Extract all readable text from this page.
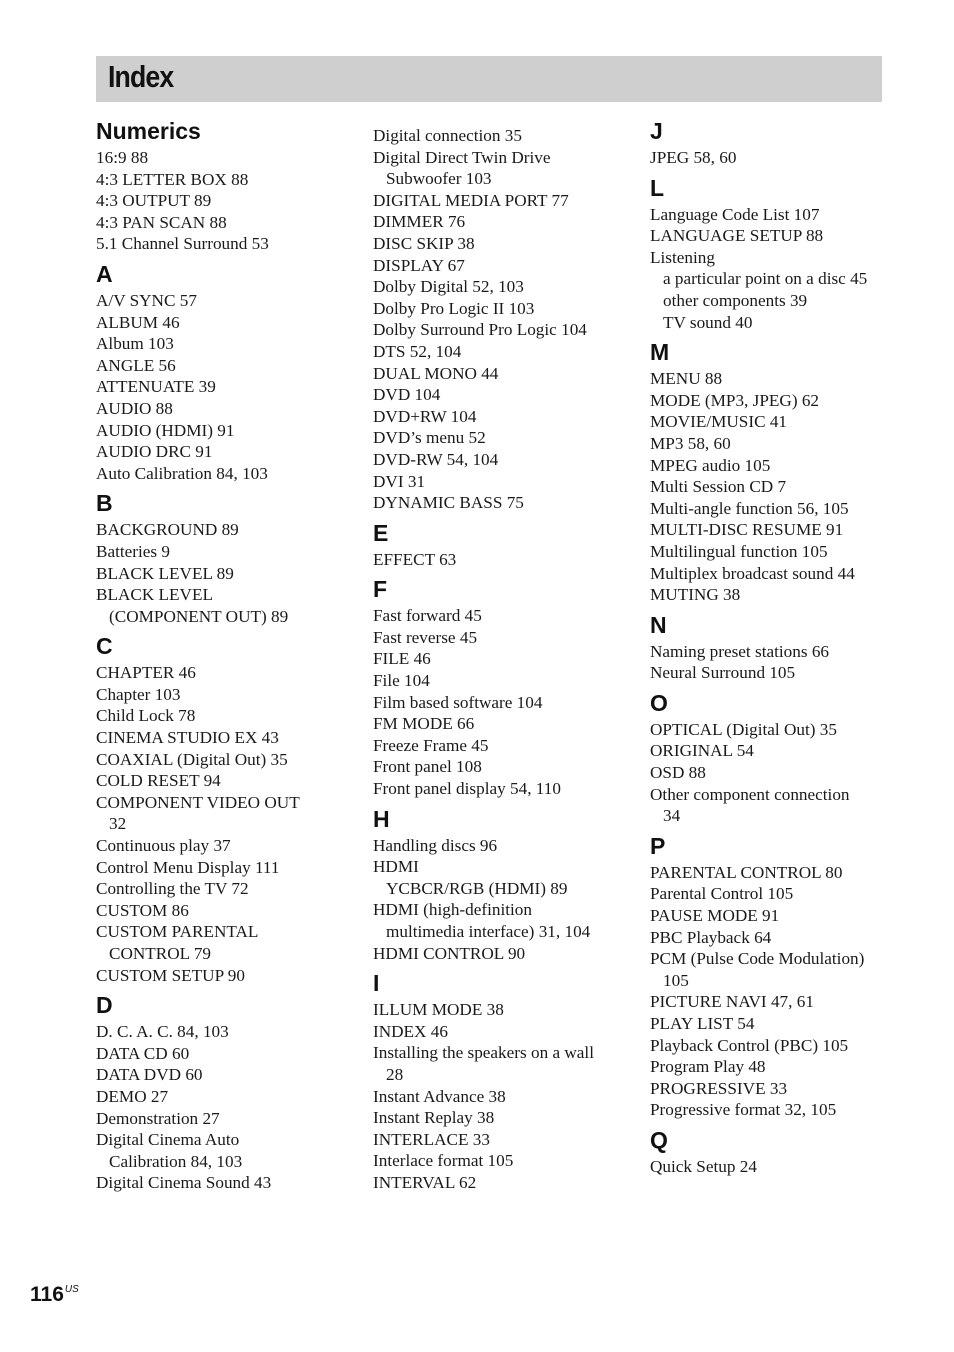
Index
Numerics
16:9 88
4:3 LETTER BOX 88
4:3 OUTPUT 89
4:3 PAN SCAN 88
5.1 Channel Surround 53
A
A/V SYNC 57
ALBUM 46
Album 103
ANGLE 56
ATTENUATE 39
AUDIO 88
AUDIO (HDMI) 91
AUDIO DRC 91
Auto Calibration 84, 103
B
BACKGROUND 89
Batteries 9
BLACK LEVEL 89
BLACK LEVEL
(COMPONENT OUT) 89
C
CHAPTER 46
Chapter 103
Child Lock 78
CINEMA STUDIO EX 43
COAXIAL (Digital Out) 35
COLD RESET 94
COMPONENT VIDEO OUT
32
Continuous play 37
Control Menu Display 111
Controlling the TV 72
CUSTOM 86
CUSTOM PARENTAL
CONTROL 79
CUSTOM SETUP 90
D
D. C. A. C. 84, 103
DATA CD 60
DATA DVD 60
DEMO 27
Demonstration 27
Digital Cinema Auto
Calibration 84, 103
Digital Cinema Sound 43
Digital connection 35
Digital Direct Twin Drive
Subwoofer 103
DIGITAL MEDIA PORT 77
DIMMER 76
DISC SKIP 38
DISPLAY 67
Dolby Digital 52, 103
Dolby Pro Logic II 103
Dolby Surround Pro Logic 104
DTS 52, 104
DUAL MONO 44
DVD 104
DVD+RW 104
DVD’s menu 52
DVD-RW 54, 104
DVI 31
DYNAMIC BASS 75
E
EFFECT 63
F
Fast forward 45
Fast reverse 45
FILE 46
File 104
Film based software 104
FM MODE 66
Freeze Frame 45
Front panel 108
Front panel display 54, 110
H
Handling discs 96
HDMI
YCBCR/RGB (HDMI) 89
HDMI (high-definition
multimedia interface) 31, 104
HDMI CONTROL 90
I
ILLUM MODE 38
INDEX 46
Installing the speakers on a wall
28
Instant Advance 38
Instant Replay 38
INTERLACE 33
Interlace format 105
INTERVAL 62
J
JPEG 58, 60
L
Language Code List 107
LANGUAGE SETUP 88
Listening
a particular point on a disc 45
other components 39
TV sound 40
M
MENU 88
MODE (MP3, JPEG) 62
MOVIE/MUSIC 41
MP3 58, 60
MPEG audio 105
Multi Session CD 7
Multi-angle function 56, 105
MULTI-DISC RESUME 91
Multilingual function 105
Multiplex broadcast sound 44
MUTING 38
N
Naming preset stations 66
Neural Surround 105
O
OPTICAL (Digital Out) 35
ORIGINAL 54
OSD 88
Other component connection
34
P
PARENTAL CONTROL 80
Parental Control 105
PAUSE MODE 91
PBC Playback 64
PCM (Pulse Code Modulation)
105
PICTURE NAVI 47, 61
PLAY LIST 54
Playback Control (PBC) 105
Program Play 48
PROGRESSIVE 33
Progressive format 32, 105
Q
Quick Setup 24
$116^{US}$
